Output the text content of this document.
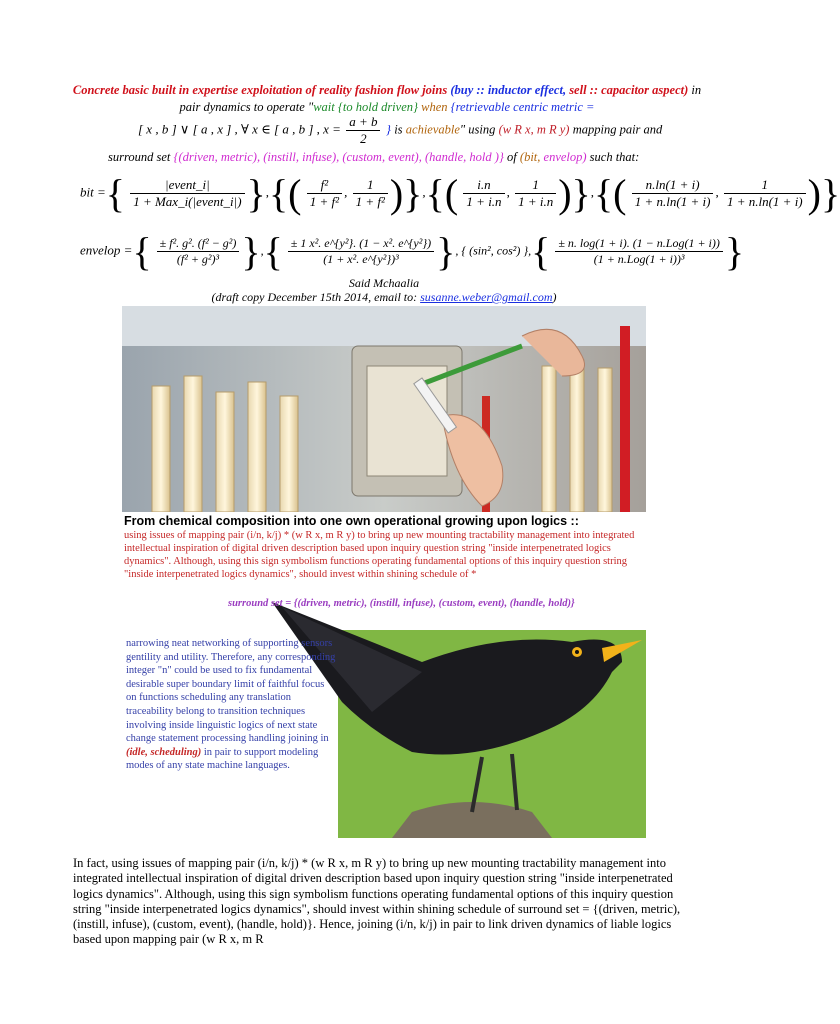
Concrete basic built in expertise exploitation of reality fashion flow joins (buy :: inductor effect, sell :: capacitor aspect) in pair dynamics to operate "wait {to hold driven} when {retrievable centric metric =
[ x , b ] ∨ [ a , x ] , ∀ x ∈ [ a , b ] , $x = \frac{a + b}{2}$ } is achievable" using (w R x, m R y) mapping pair and
surround set {(driven, metric), (instill, infuse), (custom, event), (handle, hold )} of (bit, envelop) such that:
bit ={ $\frac{\text{|event\_i|}}{\text{1 + Max\_i(|event\_i|)}}$ },{( $\frac{\text{f²}}{\text{1 + f²}}$ , $\frac{1}{\text{1 + f²}}$ )},{( $\frac{i.n}{1 + i.n}$ , $\frac{1}{1 + i.n}$ )},{( $\frac{n.\ln(1 + i)}{1 + n.\ln(1 + i)}$ , $\frac{1}{1 + n.\ln(1 + i)}$ )}
envelop ={ $\frac{\text{± f². g². (f² − g²)}}{\text{(f² + g²)³}}$ },{ $\frac{\text{± 1 x². e\textasciicircum{}\{y²\}. (1 − x². e\textasciicircum{}\{y²\})}}{\text{(1 + x². e\textasciicircum{}\{y²\})³}}$ }, { (sin², cos²) },{ $\frac{\text{± n. log(1 + i). (1 − n.Log(1 + i))}}{\text{(1 + n.Log(1 + i))³}}$ }
Said Mchaalia
(draft copy December 15th 2014, email to: susanne.weber@gmail.com)
From chemical composition into one own operational growing upon logics ::
using issues of mapping pair (i/n, k/j) * (w R x, m R y) to bring up new mounting tractability management into integrated intellectual inspiration of digital driven description based upon inquiry question string "inside interpenetrated logics dynamics". Although, using this sign symbolism functions operating fundamental options of this inquiry question string "inside interpenetrated logics dynamics", should invest within shining schedule of *
surround set = {(driven, metric), (instill, infuse), (custom, event), (handle, hold)}
narrowing neat networking of supporting sensors gentility and utility. Therefore, any corresponding integer "n" could be used to fix fundamental desirable super boundary limit of faithful focus on functions scheduling any translation traceability belong to transition techniques involving inside linguistic logics of next state change statement processing handling joining in (idle, scheduling) in pair to support modeling modes of any state machine languages.
In fact, using issues of mapping pair (i/n, k/j) * (w R x, m R y) to bring up new mounting tractability management into integrated intellectual inspiration of digital driven description based upon inquiry question string "inside interpenetrated logics dynamics". Although, using this sign symbolism functions operating fundamental options of this inquiry question string "inside interpenetrated logics dynamics", should invest within shining schedule of surround set = {(driven, metric), (instill, infuse), (custom, event), (handle, hold)}. Hence, joining (i/n, k/j) in pair to link driven dynamics of liable logics based upon mapping pair (w R x, m R
